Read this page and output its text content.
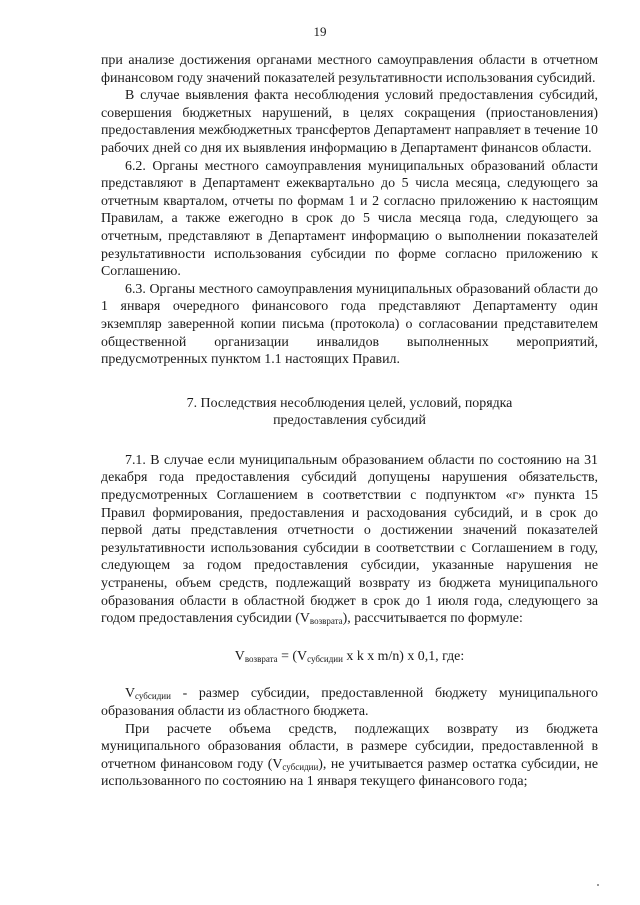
19

при анализе достижения органами местного самоуправления области в отчетном финансовом году значений показателей результативности использования субсидий.

В случае выявления факта несоблюдения условий предоставления субсидий, совершения бюджетных нарушений, в целях сокращения (приостановления) предоставления межбюджетных трансфертов Департамент направляет в течение 10 рабочих дней со дня их выявления информацию в Департамент финансов области.

6.2. Органы местного самоуправления муниципальных образований области представляют в Департамент ежеквартально до 5 числа месяца, следующего за отчетным кварталом, отчеты по формам 1 и 2 согласно приложению к настоящим Правилам, а также ежегодно в срок до 5 числа месяца года, следующего за отчетным, представляют в Департамент информацию о выполнении показателей результативности использования субсидии по форме согласно приложению к Соглашению.

6.3. Органы местного самоуправления муниципальных образований области до 1 января очередного финансового года представляют Департаменту один экземпляр заверенной копии письма (протокола) о согласовании представителем общественной организации инвалидов выполненных мероприятий, предусмотренных пунктом 1.1 настоящих Правил.

7. Последствия несоблюдения целей, условий, порядка
предоставления субсидий

7.1. В случае если муниципальным образованием области по состоянию на 31 декабря года предоставления субсидий допущены нарушения обязательств, предусмотренных Соглашением в соответствии с подпунктом «г» пункта 15 Правил формирования, предоставления и расходования субсидий, и в срок до первой даты представления отчетности о достижении значений показателей результативности использования субсидии в соответствии с Соглашением в году, следующем за годом предоставления субсидии, указанные нарушения не устранены, объем средств, подлежащий возврату из бюджета муниципального образования области в областной бюджет в срок до 1 июля года, следующего за годом предоставления субсидии $(V_{возврата})$, рассчитывается по формуле:

$V_{возврата} = (V_{субсидии}$ x k x m/n) x 0,1, где:

$V_{субсидии}$ - размер субсидии, предоставленной бюджету муниципального образования области из областного бюджета.

При расчете объема средств, подлежащих возврату из бюджета муниципального образования области, в размере субсидии, предоставленной в отчетном финансовом году $(V_{субсидии})$, не учитывается размер остатка субсидии, не использованного по состоянию на 1 января текущего финансового года;
